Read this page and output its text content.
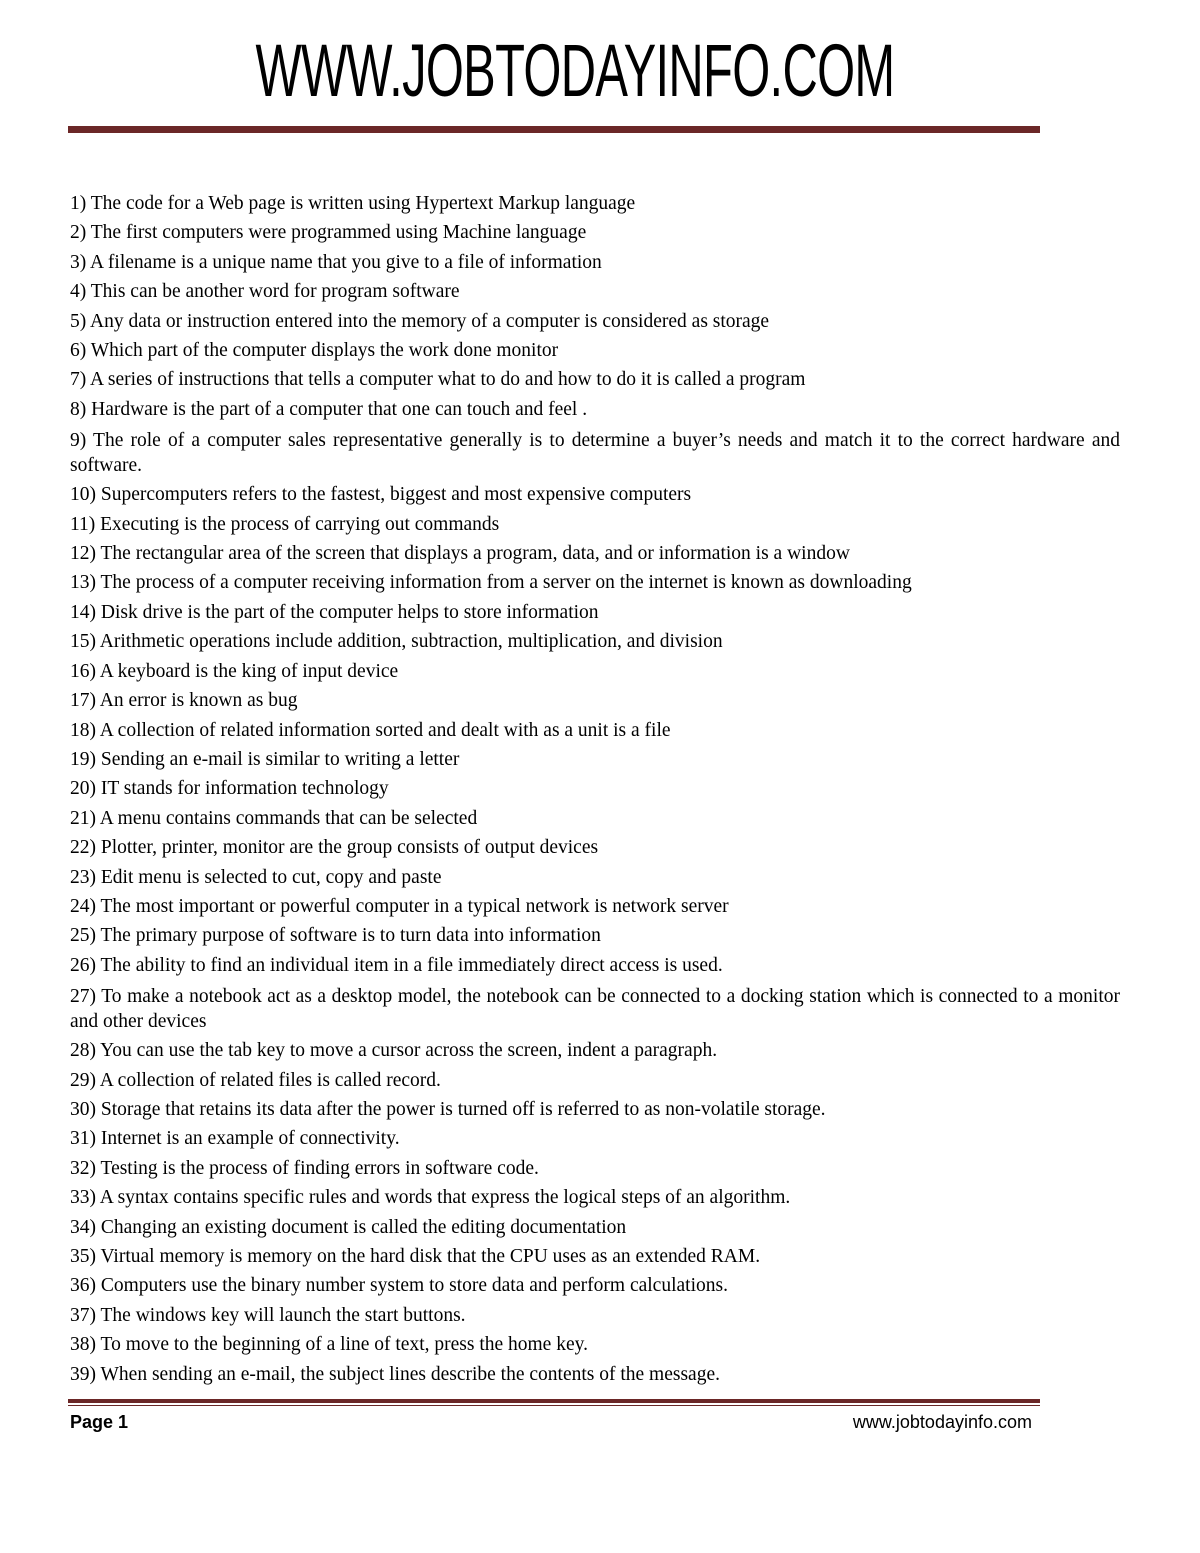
WWW.JOBTODAYINFO.COM

1) The code for a Web page is written using Hypertext Markup language

2) The first computers were programmed using Machine language

3) A filename is a unique name that you give to a file of information

4) This can be another word for program software

5) Any data or instruction entered into the memory of a computer is considered as storage

6) Which part of the computer displays the work done monitor

7) A series of instructions that tells a computer what to do and how to do it is called a program

8) Hardware is the part of a computer that one can touch and feel .

9) The role of a computer sales representative generally is to determine a buyer’s needs and match it to the correct hardware and software.

10) Supercomputers refers to the fastest, biggest and most expensive computers

11) Executing is the process of carrying out commands

12) The rectangular area of the screen that displays a program, data, and or information is a window

13) The process of a computer receiving information from a server on the internet is known as downloading

14) Disk drive is the part of the computer helps to store information

15) Arithmetic operations include addition, subtraction, multiplication, and division

16) A keyboard is the king of input device

17) An error is known as bug

18) A collection of related information sorted and dealt with as a unit is a file

19) Sending an e-mail is similar to writing a letter

20) IT stands for information technology

21) A menu contains commands that can be selected

22) Plotter, printer, monitor are the group consists of output devices

23) Edit menu is selected to cut, copy and paste

24) The most important or powerful computer in a typical network is network server

25) The primary purpose of software is to turn data into information

26) The ability to find an individual item in a file immediately direct access is used.

27) To make a notebook act as a desktop model, the notebook can be connected to a docking station which is connected to a monitor and other devices

28) You can use the tab key to move a cursor across the screen, indent a paragraph.

29) A collection of related files is called record.

30) Storage that retains its data after the power is turned off is referred to as non-volatile storage.

31) Internet is an example of connectivity.

32) Testing is the process of finding errors in software code.

33) A syntax contains specific rules and words that express the logical steps of an algorithm.

34) Changing an existing document is called the editing documentation

35) Virtual memory is memory on the hard disk that the CPU uses as an extended RAM.

36) Computers use the binary number system to store data and perform calculations.

37) The windows key will launch the start buttons.

38) To move to the beginning of a line of text, press the home key.

39) When sending an e-mail, the subject lines describe the contents of the message.

Page 1	www.jobtodayinfo.com
